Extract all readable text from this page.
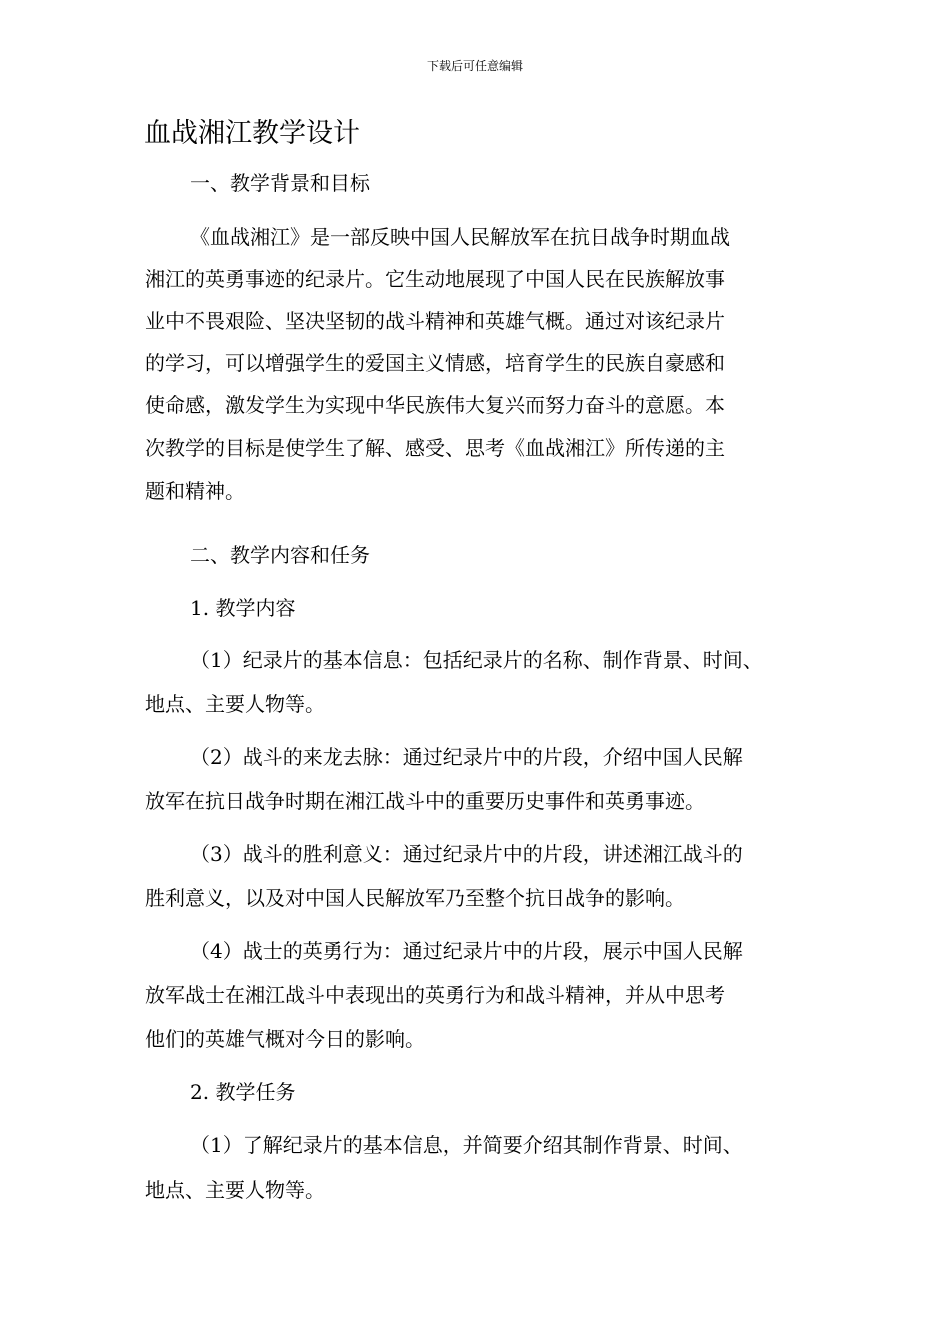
下载后可任意编辑
血战湘江教学设计

一、教学背景和目标

《血战湘江》是一部反映中国人民解放军在抗日战争时期血战

湘江的英勇事迹的纪录片。它生动地展现了中国人民在民族解放事

业中不畏艰险、坚决坚韧的战斗精神和英雄气概。通过对该纪录片

的学习，可以增强学生的爱国主义情感，培育学生的民族自豪感和

使命感，激发学生为实现中华民族伟大复兴而努力奋斗的意愿。本

次教学的目标是使学生了解、感受、思考《血战湘江》所传递的主

题和精神。

二、教学内容和任务

1. 教学内容

（1）纪录片的基本信息：包括纪录片的名称、制作背景、时间、

地点、主要人物等。

（2）战斗的来龙去脉：通过纪录片中的片段，介绍中国人民解

放军在抗日战争时期在湘江战斗中的重要历史事件和英勇事迹。

（3）战斗的胜利意义：通过纪录片中的片段，讲述湘江战斗的

胜利意义，以及对中国人民解放军乃至整个抗日战争的影响。

（4）战士的英勇行为：通过纪录片中的片段，展示中国人民解

放军战士在湘江战斗中表现出的英勇行为和战斗精神，并从中思考

他们的英雄气概对今日的影响。

2. 教学任务

（1）了解纪录片的基本信息，并简要介绍其制作背景、时间、

地点、主要人物等。
